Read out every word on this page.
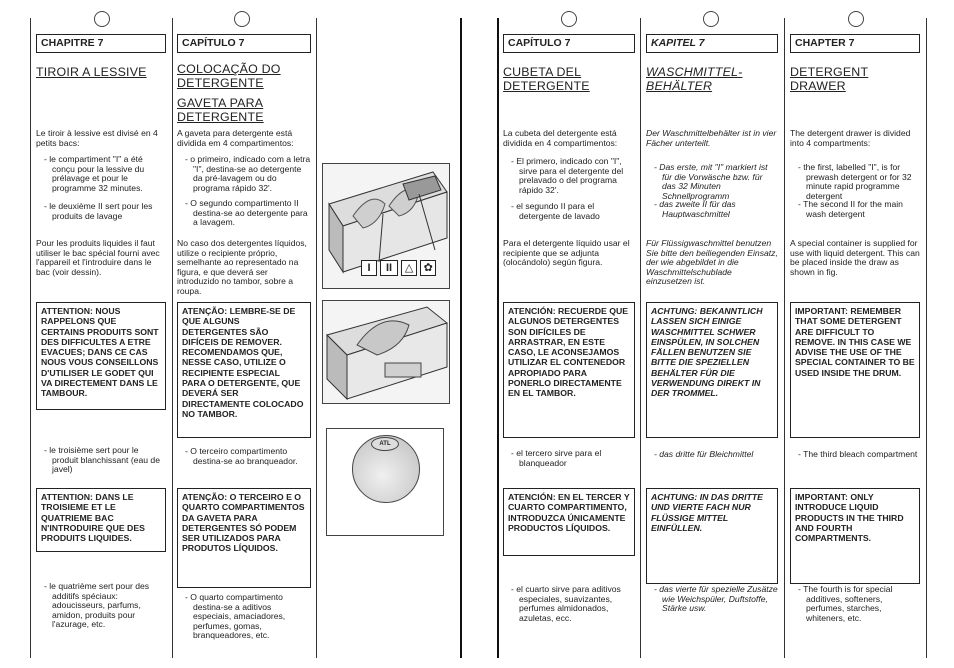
CHAPITRE 7
TIROIR A LESSIVE
Le tiroir à lessive est divisé en 4 petits bacs:
- le compartiment "I" a été conçu pour la lessive du prélavage et pour le programme 32 minutes.
- le deuxième II sert pour les produits de lavage
Pour les produits liquides il faut utiliser le bac spécial fourni avec l'appareil et l'introduire dans le bac (voir dessin).
ATTENTION: NOUS RAPPELONS QUE CERTAINS PRODUITS SONT DES DIFFICULTES A ETRE EVACUES; DANS CE CAS NOUS VOUS CONSEILLONS D'UTILISER LE GODET QUI VA DIRECTEMENT DANS LE TAMBOUR.
- le troisième sert pour le produit blanchissant (eau de javel)
ATTENTION: DANS LE TROISIEME ET LE QUATRIEME BAC N'INTRODUIRE QUE DES PRODUITS LIQUIDES.
- le quatrième sert pour des additifs spéciaux: adoucisseurs, parfums, amidon, produits pour l'azurage, etc.
CAPÍTULO 7
COLOCAÇÃO DO DETERGENTE
GAVETA PARA DETERGENTE
A gaveta para detergente está dividida em 4 compartimentos:
- o primeiro, indicado com a letra "I", destina-se ao detergente da pré-lavagem ou do programa rápido 32'.
- O segundo compartimento II destina-se ao detergente para a lavagem.
No caso dos detergentes líquidos, utilize o recipiente próprio, semelhante ao representado na figura, e que deverá ser introduzido no tambor, sobre a roupa.
ATENÇÃO: LEMBRE-SE DE QUE ALGUNS DETERGENTES SÃO DIFÍCEIS DE REMOVER. RECOMENDAMOS QUE, NESSE CASO, UTILIZE O RECIPIENTE ESPECIAL PARA O DETERGENTE, QUE DEVERÁ SER DIRECTAMENTE COLOCADO NO TAMBOR.
- O terceiro compartimento destina-se ao branqueador.
ATENÇÃO: O TERCEIRO E O QUARTO COMPARTIMENTOS DA GAVETA PARA DETERGENTES SÓ PODEM SER UTILIZADOS PARA PRODUTOS LÍQUIDOS.
- O quarto compartimento destina-se a aditivos especiais, amaciadores, perfumes, gomas, branqueadores, etc.
I II △ ✿
ATL
CAPÍTULO 7
CUBETA DEL DETERGENTE
La cubeta del detergente está dividida en 4 compartimentos:
- El primero, indicado con "I", sirve para el detergente del prelavado o del programa rápido 32'.
- el segundo II para el detergente de lavado
Para el detergente líquido usar el recipiente que se adjunta (olocándolo) según figura.
ATENCIÓN: RECUERDE QUE ALGUNOS DETERGENTES SON DIFÍCILES DE ARRASTRAR, EN ESTE CASO, LE ACONSEJAMOS UTILIZAR EL CONTENEDOR APROPIADO PARA PONERLO DIRECTAMENTE EN EL TAMBOR.
- el tercero sirve para el blanqueador
ATENCIÓN: EN EL TERCER Y CUARTO COMPARTIMENTO, INTRODUZCA ÚNICAMENTE PRODUCTOS LÍQUIDOS.
- el cuarto sirve para aditivos especiales, suavizantes, perfumes almidonados, azuletas, ecc.
KAPITEL 7
WASCHMITTEL-BEHÄLTER
Der Waschmittelbehälter ist in vier Fächer unterteilt.
- Das erste, mit "I" markiert ist für die Vorwäsche bzw. für das 32 Minuten Schnellprogramm
- das zweite II für das Hauptwaschmittel
Für Flüssigwaschmittel benutzen Sie bitte den beiliegenden Einsatz, der wie abgebildet in die Waschmittelschublade einzusetzen ist.
ACHTUNG: BEKANNTLICH LASSEN SICH EINIGE WASCHMITTEL SCHWER EINSPÜLEN, IN SOLCHEN FÄLLEN BENUTZEN SIE BITTE DIE SPEZIELLEN BEHÄLTER FÜR DIE VERWENDUNG DIREKT IN DER TROMMEL.
- das dritte für Bleichmittel
ACHTUNG: IN DAS DRITTE UND VIERTE FACH NUR FLÜSSIGE MITTEL EINFÜLLEN.
- das vierte für spezielle Zusätze wie Weichspüler, Duftstoffe, Stärke usw.
CHAPTER 7
DETERGENT DRAWER
The detergent drawer is divided into 4 compartments:
- the first, labelled "I", is for prewash detergent or for 32 minute rapid programme detergent
- The second II for the main wash detergent
A special container is supplied for use with liquid detergent. This can be placed inside the draw as shown in fig.
IMPORTANT: REMEMBER THAT SOME DETERGENT ARE DIFFICULT TO REMOVE. IN THIS CASE WE ADVISE THE USE OF THE SPECIAL CONTAINER TO BE USED INSIDE THE DRUM.
- The third bleach compartment
IMPORTANT: ONLY INTRODUCE LIQUID PRODUCTS IN THE THIRD AND FOURTH COMPARTMENTS.
- The fourth is for special additives, softeners, perfumes, starches, whiteners, etc.
